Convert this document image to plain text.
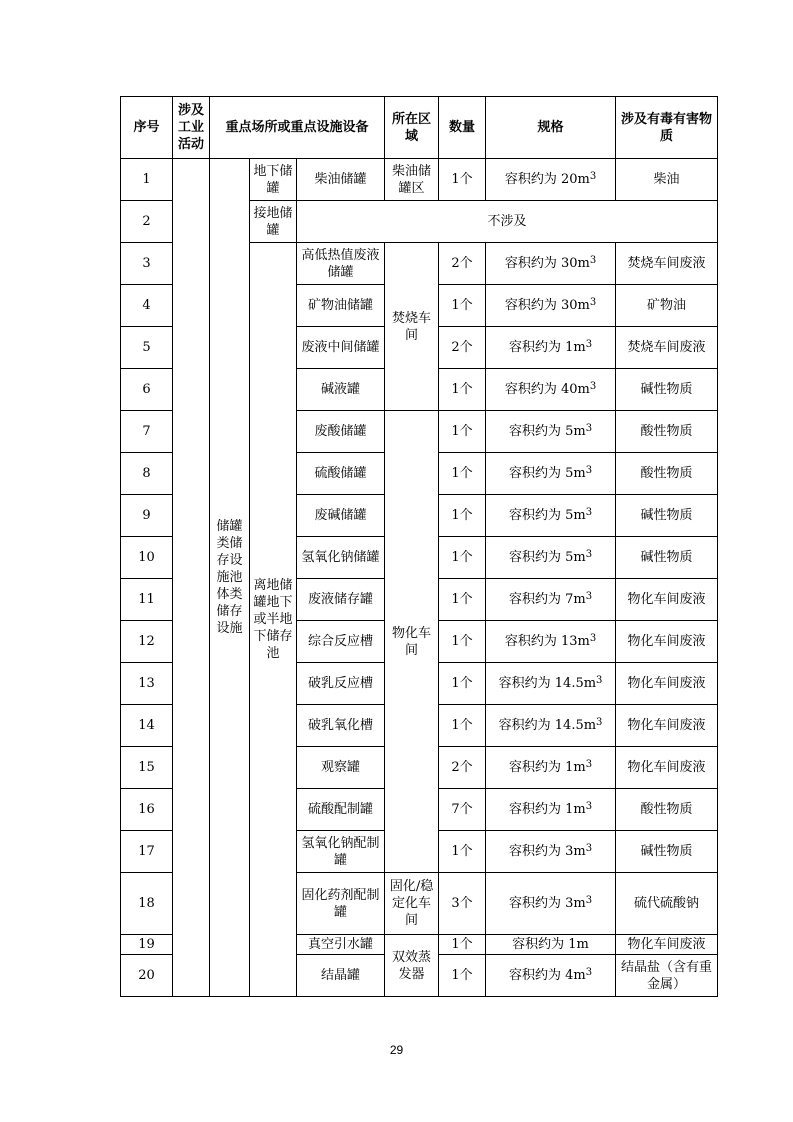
序号	涉及工业活动	重点场所或重点设施设备			所在区域	数量	规格	涉及有毒有害物质
1		储罐类储存设施池体类储存设施	地下储罐	柴油储罐	柴油储罐区	1个	容积约为 $20m^3$	柴油
2			接地储罐	不涉及				
3			离地储罐地下或半地下储存池	高低热值废液储罐	焚烧车间	2个	容积约为 $30m^3$	焚烧车间废液
4				矿物油储罐		1个	容积约为 $30m^3$	矿物油
5				废液中间储罐		2个	容积约为 $1m^3$	焚烧车间废液
6				碱液罐		1个	容积约为 $40m^3$	碱性物质
7				废酸储罐	物化车间	1个	容积约为 $5m^3$	酸性物质
8				硫酸储罐		1个	容积约为 $5m^3$	酸性物质
9				废碱储罐		1个	容积约为 $5m^3$	碱性物质
10				氢氧化钠储罐		1个	容积约为 $5m^3$	碱性物质
11				废液储存罐		1个	容积约为 $7m^3$	物化车间废液
12				综合反应槽		1个	容积约为 $13m^3$	物化车间废液
13				破乳反应槽		1个	容积约为 $14.5m^3$	物化车间废液
14				破乳氧化槽		1个	容积约为 $14.5m^3$	物化车间废液
15				观察罐		2个	容积约为 $1m^3$	物化车间废液
16				硫酸配制罐		7个	容积约为 $1m^3$	酸性物质
17				氢氧化钠配制罐		1个	容积约为 $3m^3$	碱性物质
18				固化药剂配制罐	固化/稳定化车间	3个	容积约为 $3m^3$	硫代硫酸钠
19				真空引水罐	双效蒸发器	1个	容积约为 1m	物化车间废液
20				结晶罐		1个	容积约为 $4m^3$	结晶盐（含有重金属）
29
